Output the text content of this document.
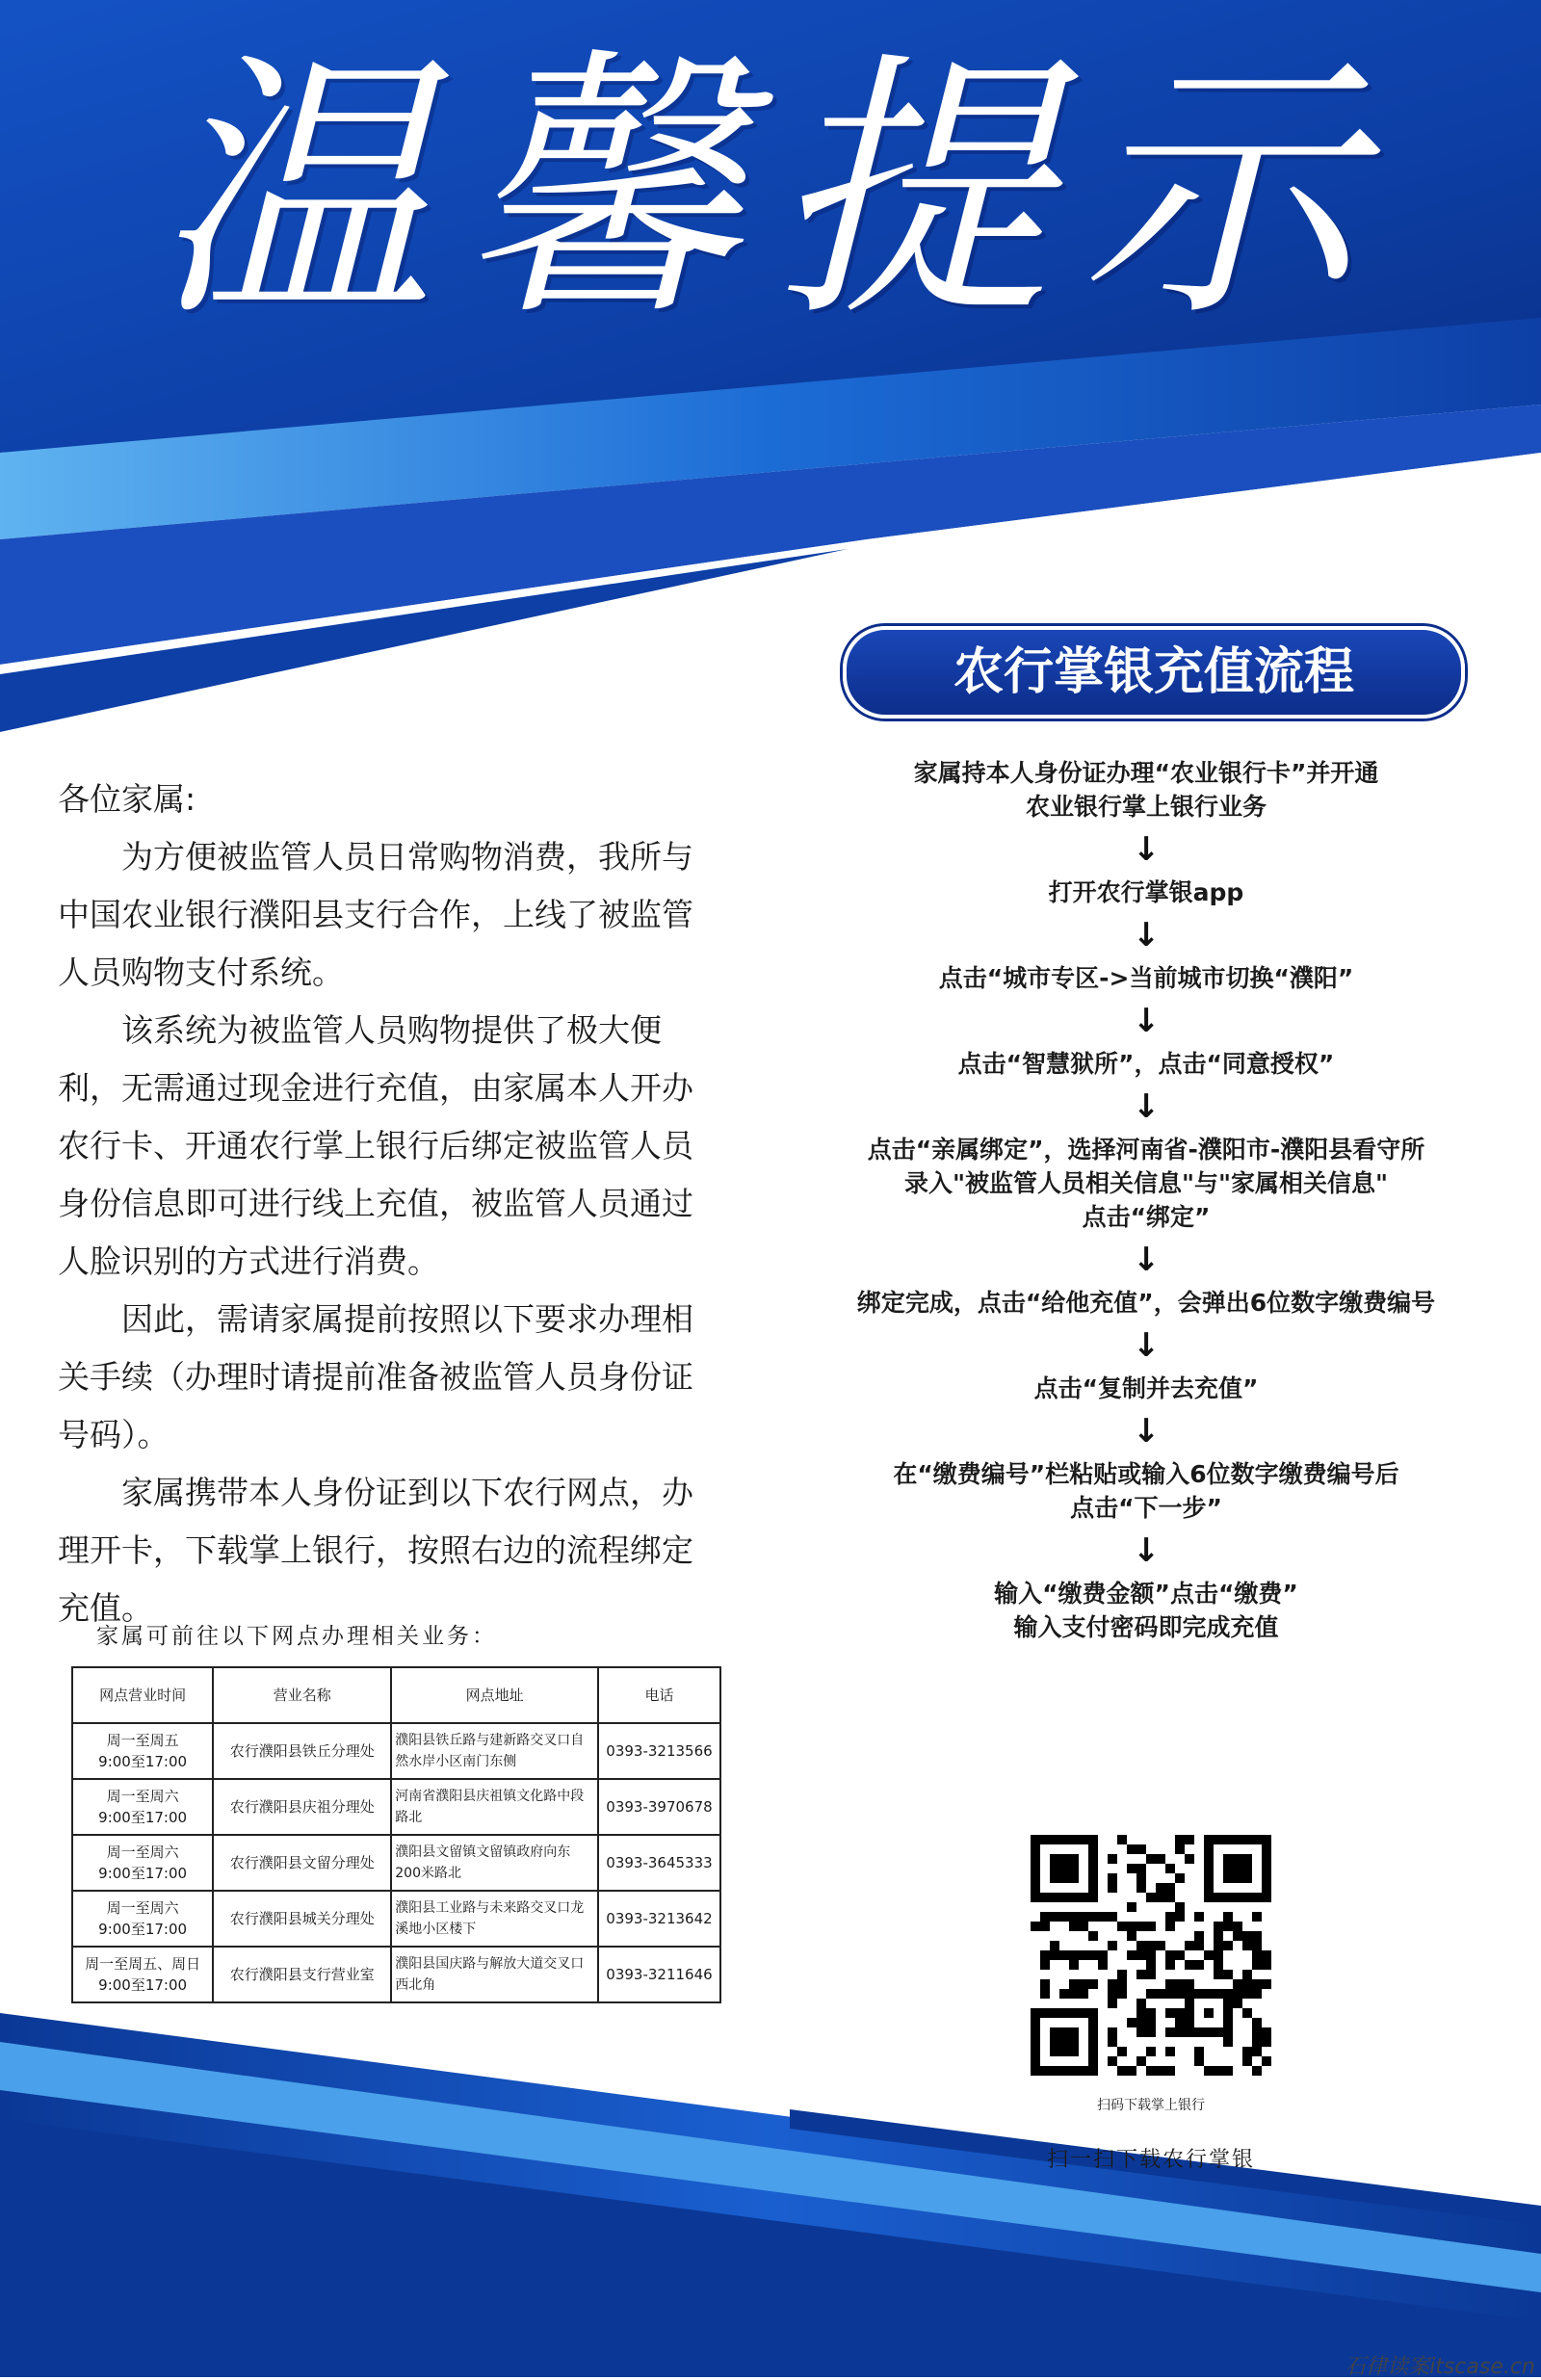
温馨提示

各位家属:

为方便被监管人员日常购物消费，我所与中国农业银行濮阳县支行合作，上线了被监管人员购物支付系统。

该系统为被监管人员购物提供了极大便利，无需通过现金进行充值，由家属本人开办农行卡、开通农行掌上银行后绑定被监管人员身份信息即可进行线上充值，被监管人员通过人脸识别的方式进行消费。

因此，需请家属提前按照以下要求办理相关手续（办理时请提前准备被监管人员身份证号码）。

家属携带本人身份证到以下农行网点，办理开卡，下载掌上银行，按照右边的流程绑定充值。

家属可前往以下网点办理相关业务：
网点营业时间	营业名称	网点地址	电话
周一至周五
9:00至17:00	农行濮阳县铁丘分理处	濮阳县铁丘路与建新路交叉口自然水岸小区南门东侧	0393-3213566
周一至周六
9:00至17:00	农行濮阳县庆祖分理处	河南省濮阳县庆祖镇文化路中段路北	0393-3970678
周一至周六
9:00至17:00	农行濮阳县文留分理处	濮阳县文留镇文留镇政府向东200米路北	0393-3645333
周一至周六
9:00至17:00	农行濮阳县城关分理处	濮阳县工业路与未来路交叉口龙溪地小区楼下	0393-3213642
周一至周五、周日
9:00至17:00	农行濮阳县支行营业室	濮阳县国庆路与解放大道交叉口西北角	0393-3211646
农行掌银充值流程
家属持本人身份证办理“农业银行卡”并开通
农业银行掌上银行业务
↓
打开农行掌银app
↓
点击“城市专区->当前城市切换“濮阳”
↓
点击“智慧狱所”，点击“同意授权”
↓
点击“亲属绑定”，选择河南省-濮阳市-濮阳县看守所
录入"被监管人员相关信息"与"家属相关信息"
点击“绑定”
↓
绑定完成，点击“给他充值”，会弹出6位数字缴费编号
↓
点击“复制并去充值”
↓
在“缴费编号”栏粘贴或输入6位数字缴费编号后
点击“下一步”
↓
输入“缴费金额”点击“缴费”
输入支付密码即完成充值
扫码下载掌上银行
扫一扫下载农行掌银
石律读案itscase.cn
